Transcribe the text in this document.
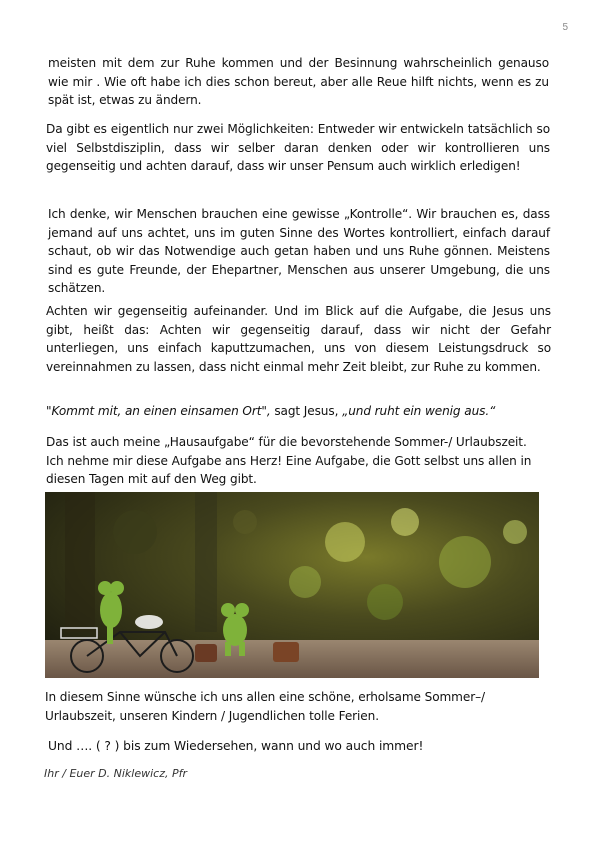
5
meisten mit dem zur Ruhe kommen und der Besinnung wahrscheinlich genauso wie mir . Wie oft habe ich dies schon bereut, aber alle Reue hilft nichts, wenn es zu spät ist, etwas zu ändern.
Da gibt es eigentlich nur zwei Möglichkeiten: Entweder wir entwickeln tatsächlich so viel Selbstdisziplin, dass wir selber daran denken oder wir kontrollieren uns gegenseitig und achten darauf, dass wir unser Pensum auch wirklich erledigen!
Ich denke, wir Menschen brauchen eine gewisse „Kontrolle“. Wir brauchen es, dass jemand auf uns achtet, uns im guten Sinne des Wortes kontrolliert, einfach darauf schaut, ob wir das Notwendige auch getan haben und uns Ruhe gönnen. Meistens sind es gute Freunde, der Ehepartner, Menschen aus unserer Umgebung, die uns schätzen.
Achten wir gegenseitig aufeinander. Und im Blick auf die Aufgabe, die Jesus uns gibt, heißt das: Achten wir gegenseitig darauf, dass wir nicht der Gefahr unterliegen, uns einfach kaputtzumachen, uns von diesem Leistungsdruck so vereinnahmen zu lassen, dass nicht einmal mehr Zeit bleibt, zur Ruhe zu kommen.
"Kommt mit, an einen einsamen Ort", sagt Jesus, „und ruht ein wenig aus.“
Das ist auch meine „Hausaufgabe“ für die bevorstehende Sommer-/ Urlaubszeit. Ich nehme mir diese Aufgabe ans Herz! Eine Aufgabe, die Gott selbst uns allen in diesen Tagen mit auf den Weg gibt.
In diesem Sinne wünsche ich uns allen eine schöne, erholsame Sommer–/ Urlaubszeit, unseren Kindern / Jugendlichen tolle Ferien.
Und …. ( ? ) bis zum Wiedersehen, wann und wo auch immer!
Ihr / Euer D. Niklewicz, Pfr
